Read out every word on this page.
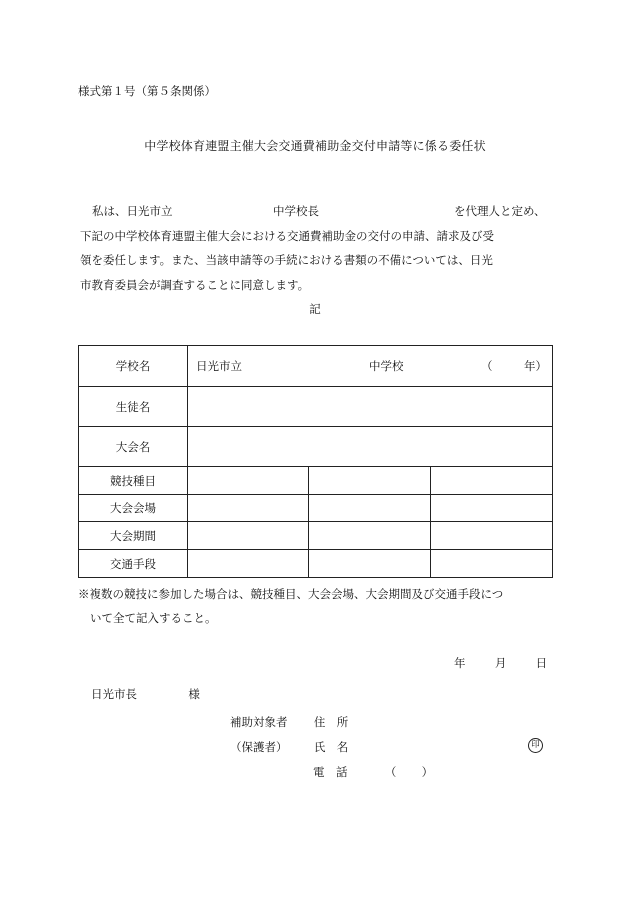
様式第１号（第５条関係）
中学校体育連盟主催大会交通費補助金交付申請等に係る委任状
私は、日光市立	中学校長	を代理人と定め、
下記の中学校体育連盟主催大会における交通費補助金の交付の申請、請求及び受
領を委任します。また、当該申請等の手続における書類の不備については、日光
市教育委員会が調査することに同意します。
記
学校名	日光市立 中学校 （ 年）		

生徒名			
大会名			
競技種目			
大会会場			
大会期間			
交通手段			
※複数の競技に参加した場合は、競技種目、大会会場、大会期間及び交通手段につ
いて全て記入すること。
年	月	日
日光市長	様
補助対象者 住　所
（保護者） 氏　名	印
電　話	（ ）
